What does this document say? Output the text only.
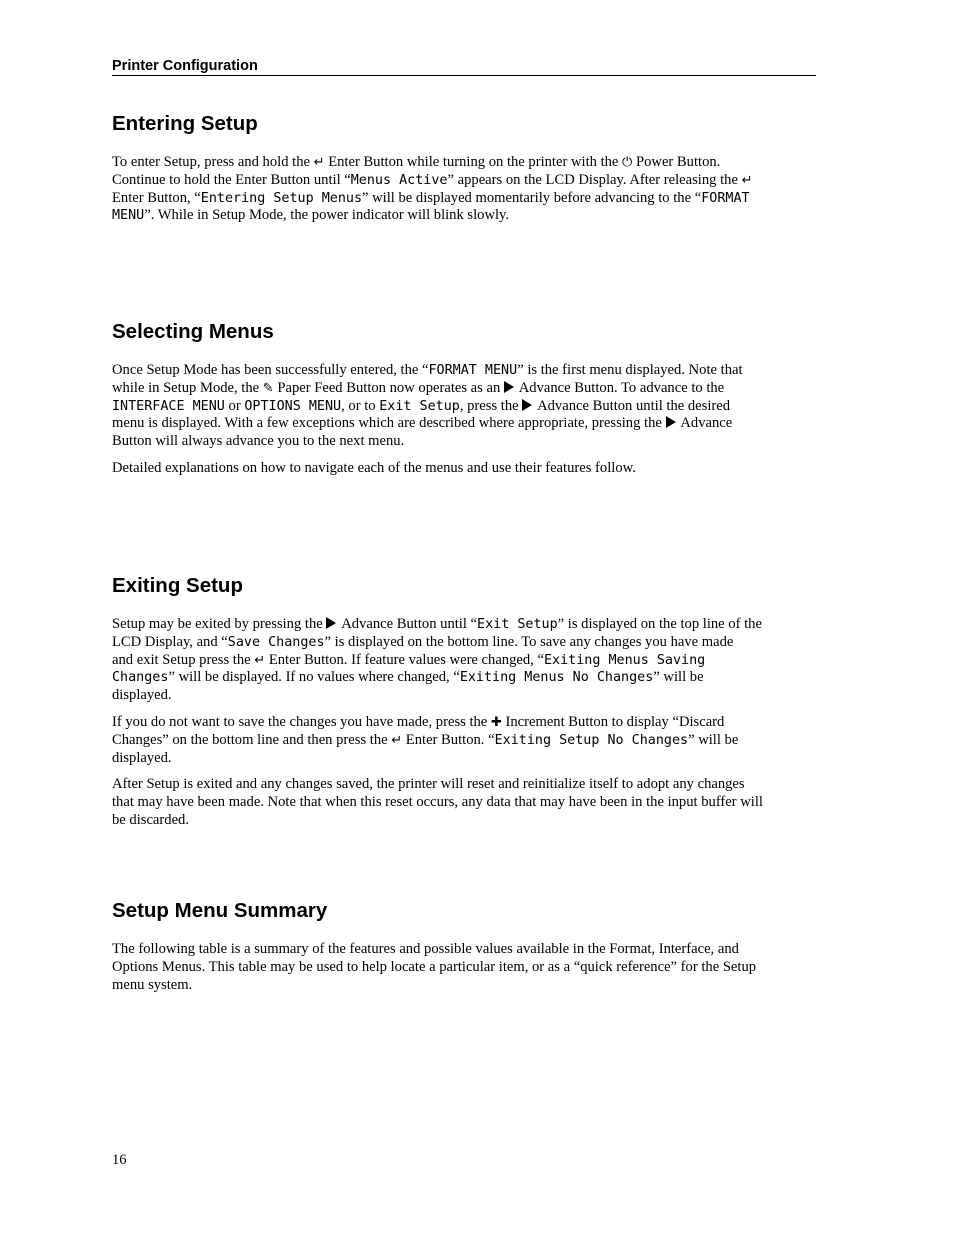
Printer Configuration
Entering Setup

To enter Setup, press and hold the ↵ Enter Button while turning on the printer with the ⏻ Power Button.
Continue to hold the Enter Button until “Menus Active” appears on the LCD Display. After releasing the ↵
Enter Button, “Entering Setup Menus” will be displayed momentarily before advancing to the “FORMAT
MENU”. While in Setup Mode, the power indicator will blink slowly.

Selecting Menus

Once Setup Mode has been successfully entered, the “FORMAT MENU” is the first menu displayed. Note that
while in Setup Mode, the ✎ Paper Feed Button now operates as an  Advance Button. To advance to the
INTERFACE MENU or OPTIONS MENU, or to Exit Setup, press the  Advance Button until the desired
menu is displayed. With a few exceptions which are described where appropriate, pressing the  Advance
Button will always advance you to the next menu.

Detailed explanations on how to navigate each of the menus and use their features follow.

Exiting Setup

Setup may be exited by pressing the  Advance Button until “Exit Setup” is displayed on the top line of the
LCD Display, and “Save Changes” is displayed on the bottom line. To save any changes you have made
and exit Setup press the ↵ Enter Button. If feature values were changed, “Exiting Menus Saving
Changes” will be displayed. If no values where changed, “Exiting Menus No Changes” will be
displayed.

If you do not want to save the changes you have made, press the ✚ Increment Button to display “Discard
Changes” on the bottom line and then press the ↵ Enter Button. “Exiting Setup No Changes” will be
displayed.

After Setup is exited and any changes saved, the printer will reset and reinitialize itself to adopt any changes
that may have been made. Note that when this reset occurs, any data that may have been in the input buffer will
be discarded.

Setup Menu Summary

The following table is a summary of the features and possible values available in the Format, Interface, and
Options Menus. This table may be used to help locate a particular item, or as a “quick reference” for the Setup
menu system.

16
